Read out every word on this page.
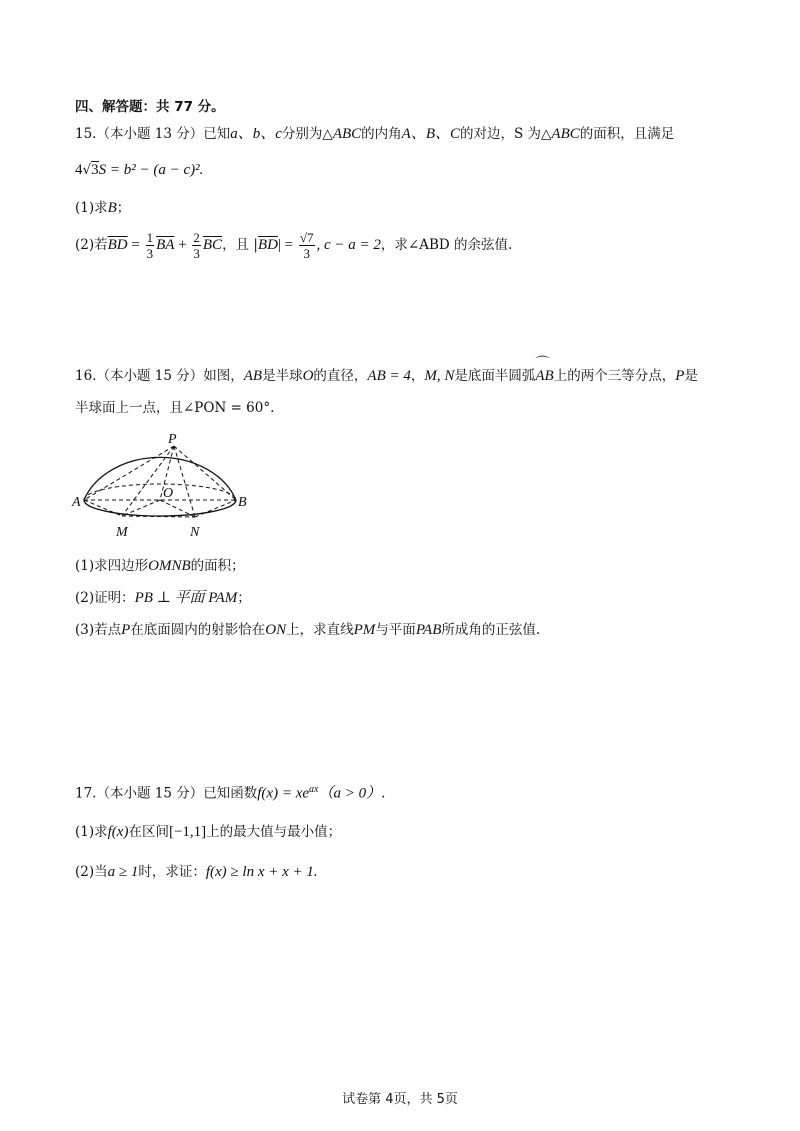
四、解答题：共 77 分。
15.（本小题 13 分）已知a、b、c分别为△ABC的内角A、B、C的对边，S 为△ABC的面积，且满足
4√3S = b² − (a − c)².
(1)求B；
(2)若$\overline{BD} = \frac{1}{3} \overline{BA} + \frac{2}{3} \overline{BC}$，且 $|\overline{BD}| = \frac{√7}{3}$ , c − a = 2，求∠ABD 的余弦值.
16.（本小题 15 分）如图，AB是半球O的直径，AB = 4，M, N是底面半圆弧⌒ AB上的两个三等分点，P是
半球面上一点，且∠PON = 60°.
P
A	B
O
M	N
(1)求四边形OMNB的面积；
(2)证明：PB ⊥ 平面 PAM；
(3)若点P在底面圆内的射影恰在ON上，求直线PM与平面PAB所成角的正弦值.
17.（本小题 15 分）已知函数$f(x) = xe^{ax}(a > 0)$.
(1)求f(x)在区间[−1,1]上的最大值与最小值；
(2)当a ≥ 1时，求证：f(x) ≥ ln x + x + 1.
试卷第 4页，共 5页
